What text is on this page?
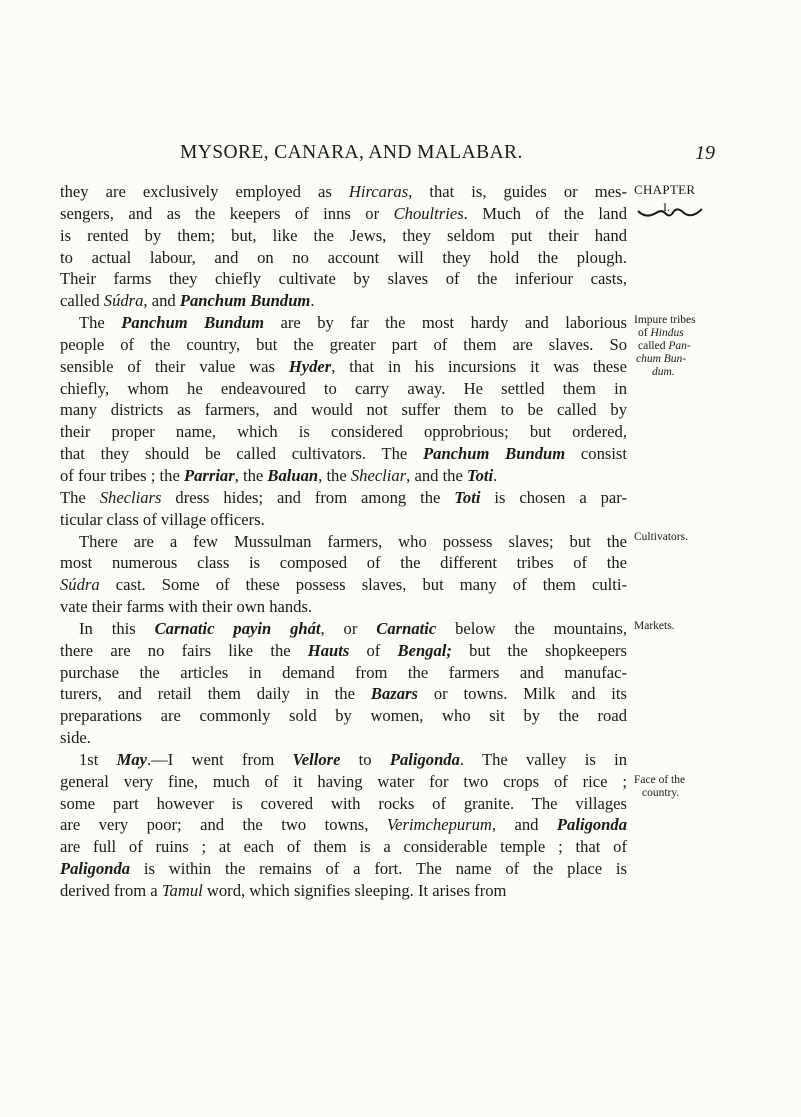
MYSORE, CANARA, AND MALABAR.	19
they are exclusively employed as Hircaras, that is, guides or mes-
sengers, and as the keepers of inns or Choultries. Much of the land
is rented by them; but, like the Jews, they seldom put their hand
to actual labour, and on no account will they hold the plough.
Their farms they chiefly cultivate by slaves of the inferiour casts,
called Súdra, and Panchum Bundum.
The Panchum Bundum are by far the most hardy and laborious
people of the country, but the greater part of them are slaves. So
sensible of their value was Hyder, that in his incursions it was these
chiefly, whom he endeavoured to carry away. He settled them in
many districts as farmers, and would not suffer them to be called by
their proper name, which is considered opprobrious; but ordered,
that they should be called cultivators. The Panchum Bundum consist
of four tribes ; the Parriar, the Baluan, the Shecliar, and the Toti.
The Shecliars dress hides; and from among the Toti is chosen a par-
ticular class of village officers.
There are a few Mussulman farmers, who possess slaves; but the
most numerous class is composed of the different tribes of the
Súdra cast. Some of these possess slaves, but many of them culti-
vate their farms with their own hands.
In this Carnatic payin ghát, or Carnatic below the mountains,
there are no fairs like the Hauts of Bengal; but the shopkeepers
purchase the articles in demand from the farmers and manufac-
turers, and retail them daily in the Bazars or towns. Milk and its
preparations are commonly sold by women, who sit by the road
side.
1st May.—I went from Vellore to Paligonda. The valley is in
general very fine, much of it having water for two crops of rice ;
some part however is covered with rocks of granite. The villages
are very poor; and the two towns, Verimchepurum, and Paligonda
are full of ruins ; at each of them is a considerable temple ; that of
Paligonda is within the remains of a fort. The name of the place is
derived from a Tamul word, which signifies sleeping. It arises from
CHAPTER
I.
Impure tribes
of Hindus
called Pan-
chum Bun-
dum.
Cultivators.
Markets.
Face of the
country.
